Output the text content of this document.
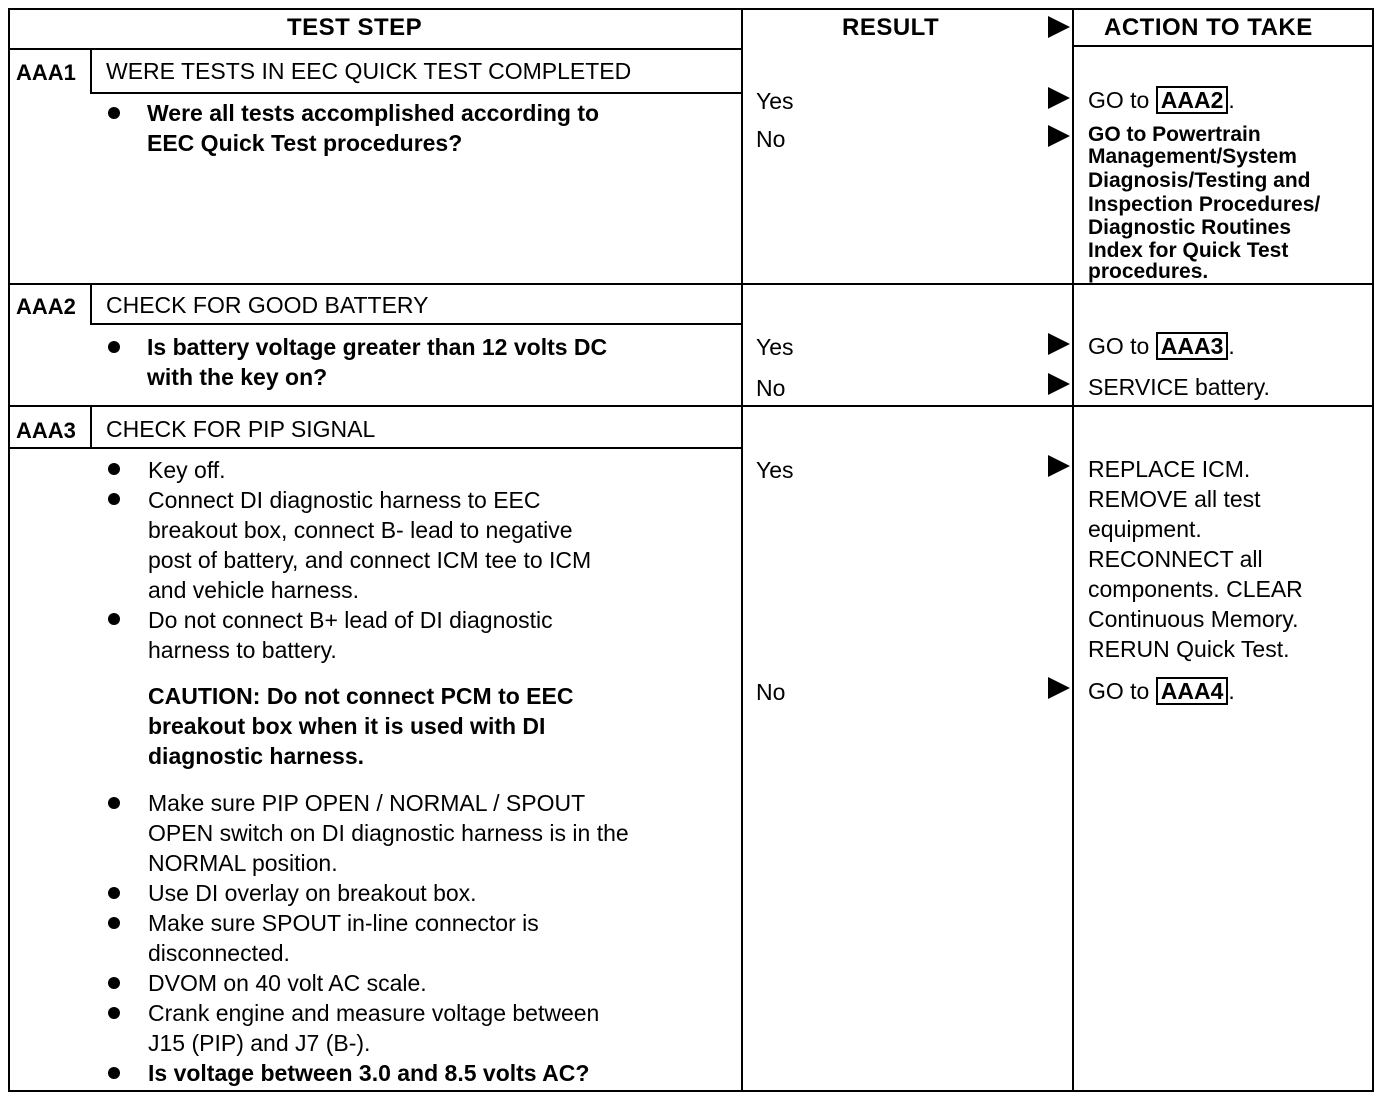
TEST STEP	RESULT	ACTION TO TAKE
AAA1 WERE TESTS IN EEC QUICK TEST COMPLETED
Were all tests accomplished according to
EEC Quick Test procedures?
Yes	GO to AAA2 .
No	GO to Powertrain
Management/System
Diagnosis/Testing and
Inspection Procedures/
Diagnostic Routines
Index for Quick Test
procedures.
AAA2 CHECK FOR GOOD BATTERY
Is battery voltage greater than 12 volts DC
with the key on?
Yes	GO to AAA3 .
No	SERVICE battery.
AAA3 CHECK FOR PIP SIGNAL
Key off.
Connect DI diagnostic harness to EEC
breakout box, connect B- lead to negative
post of battery, and connect ICM tee to ICM
and vehicle harness.
Do not connect B+ lead of DI diagnostic
harness to battery.
CAUTION: Do not connect PCM to EEC
breakout box when it is used with DI
diagnostic harness.
Make sure PIP OPEN / NORMAL / SPOUT
OPEN switch on DI diagnostic harness is in the
NORMAL position.
Use DI overlay on breakout box.
Make sure SPOUT in-line connector is
disconnected.
DVOM on 40 volt AC scale.
Crank engine and measure voltage between
J15 (PIP) and J7 (B-).
Is voltage between 3.0 and 8.5 volts AC?
Yes	REPLACE ICM.
REMOVE all test
equipment.
RECONNECT all
components. CLEAR
Continuous Memory.
RERUN Quick Test.
No	GO to AAA4 .
